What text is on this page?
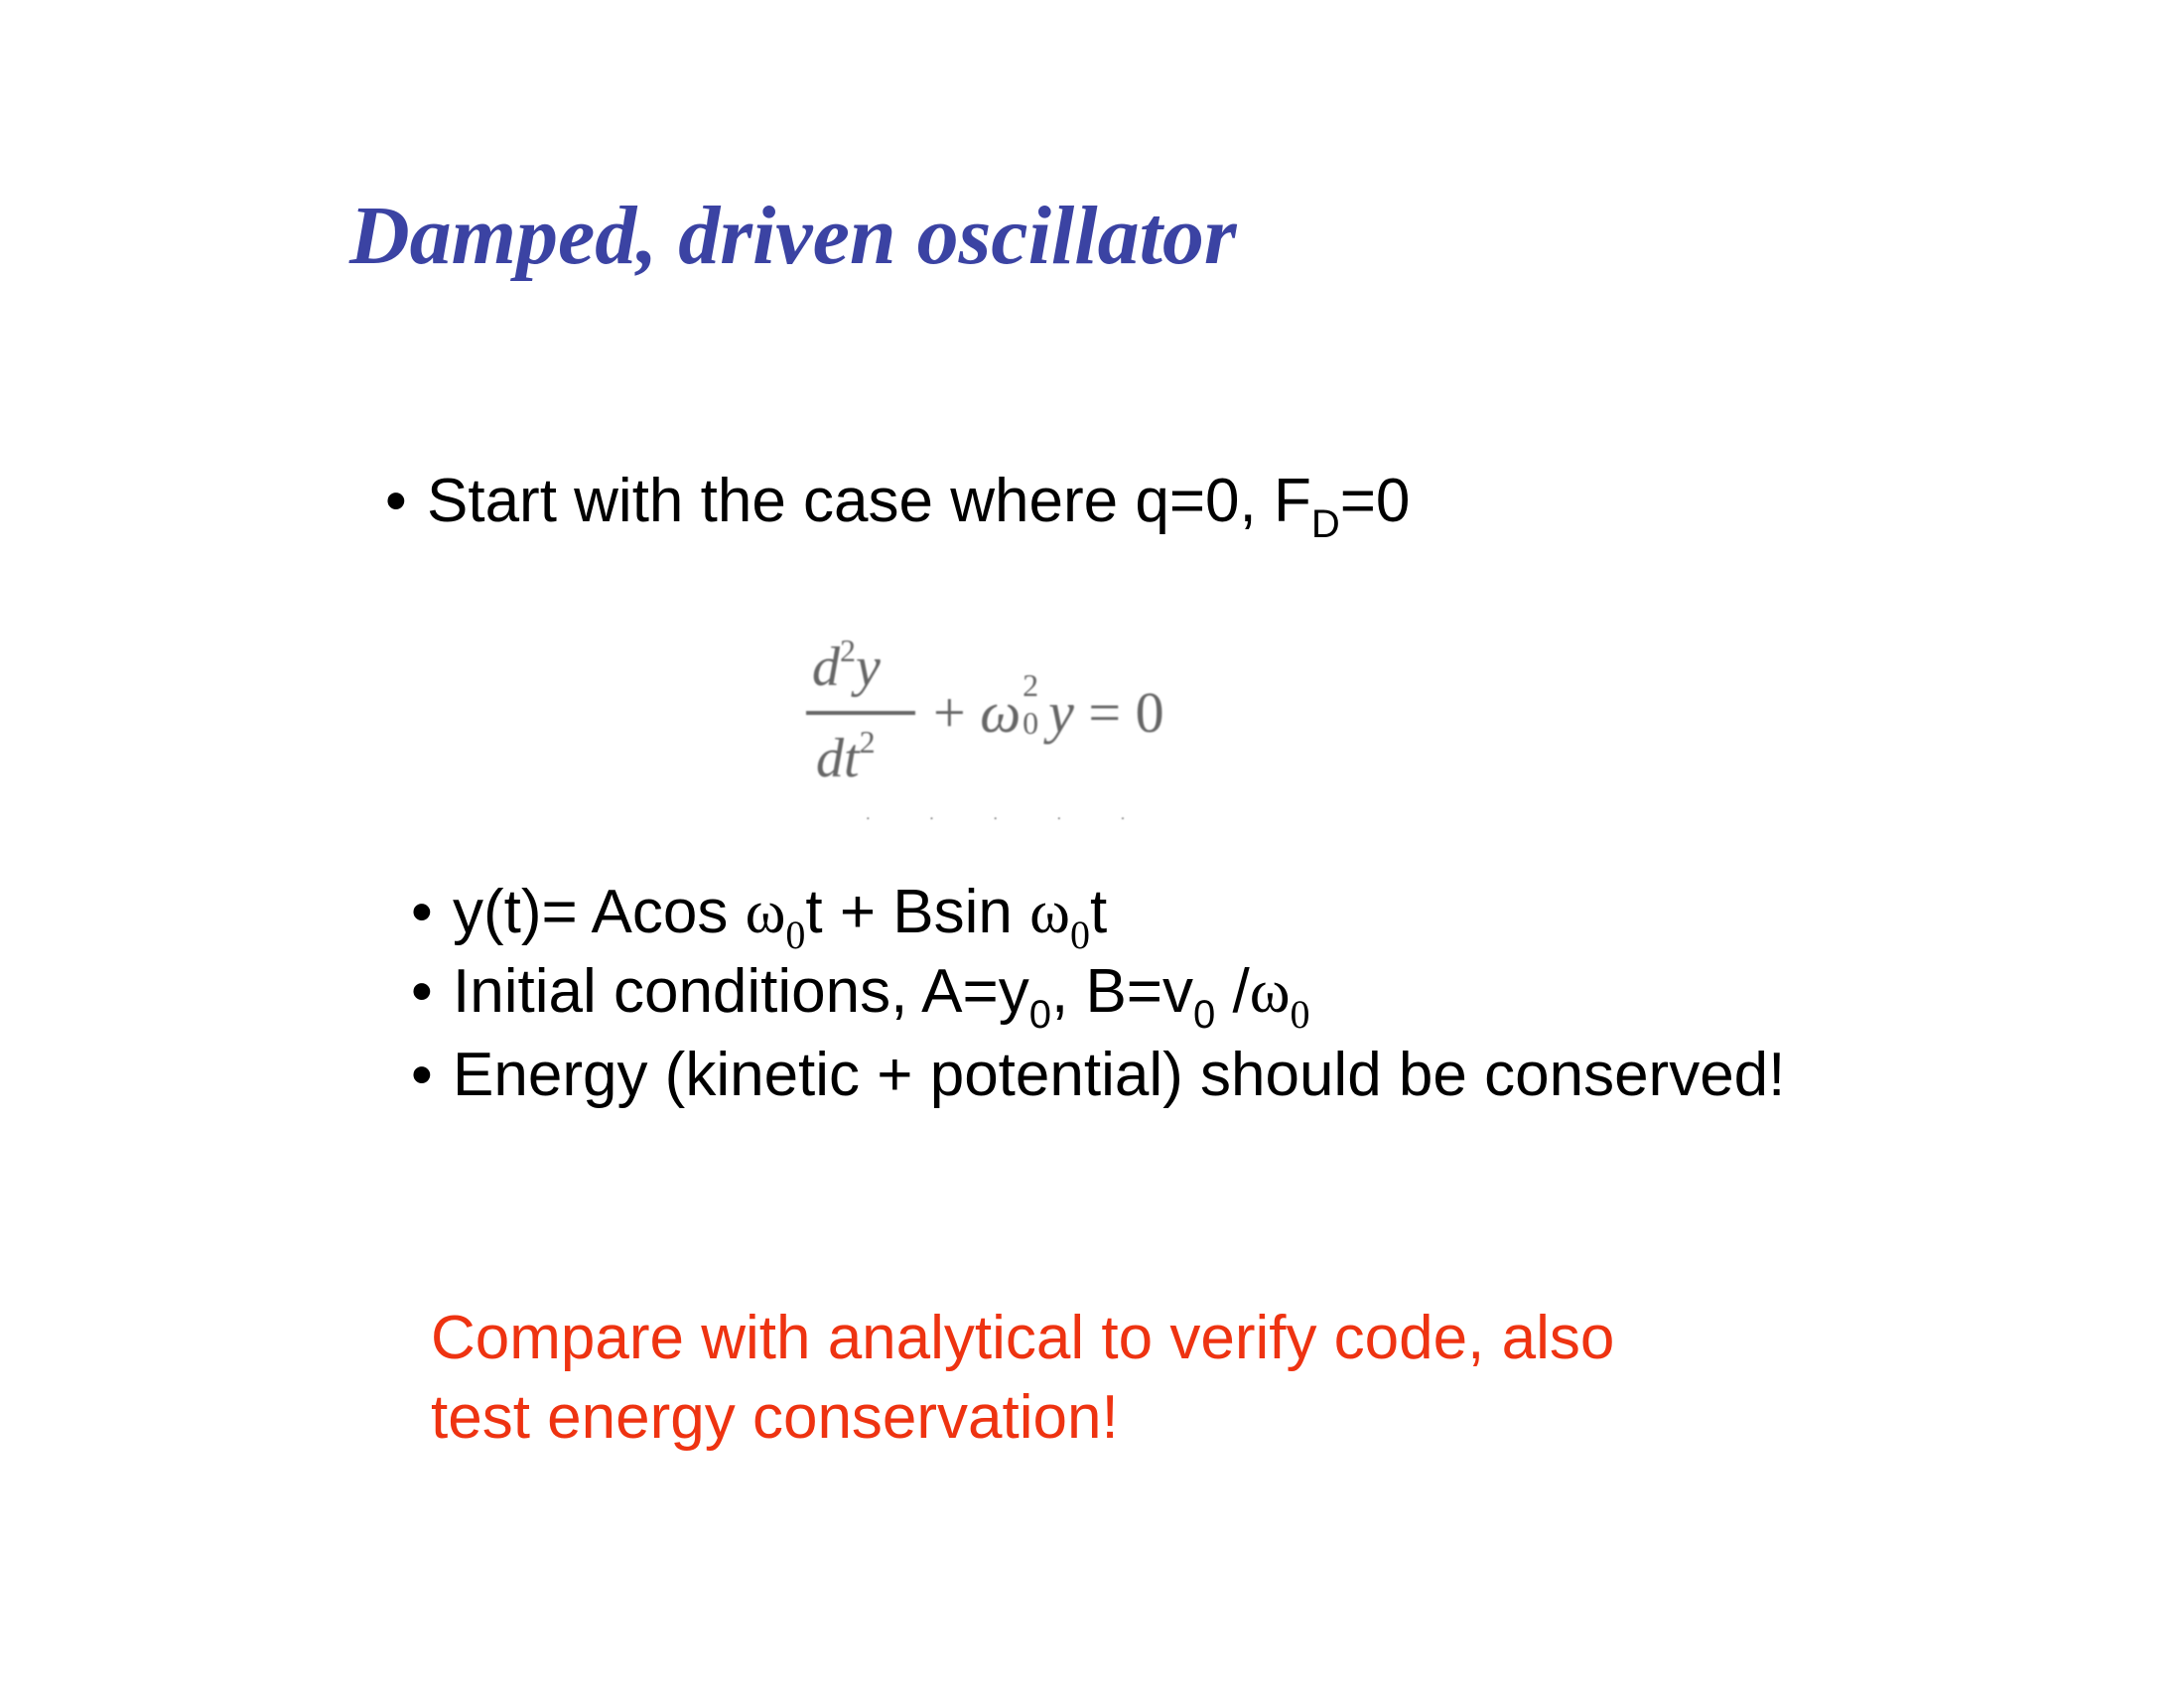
Damped, driven oscillator
• Start with the case where q=0, $F_D=0$
$d^2y$
$dt^2 + \omega$ 2
0 y = 0
· · · · ·
• y(t)= Acos $\omega_0t + Bsin$ $\omega_0t$
• Initial conditions, $A=y_0$, $B=v_0$ $/\omega_0$
• Energy (kinetic + potential) should be conserved!
Compare with analytical to verify code, also
test energy conservation!
